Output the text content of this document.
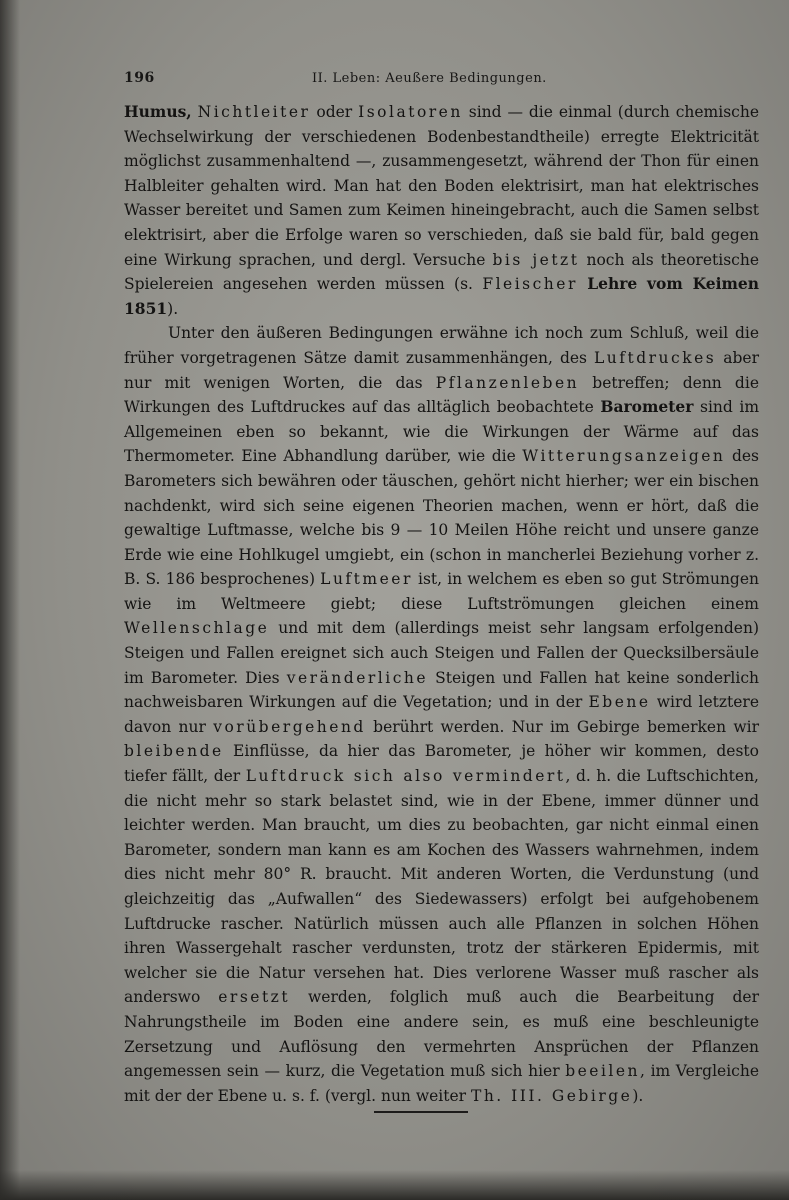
196	II. Leben: Aeußere Bedingungen.

Humus, Nichtleiter oder Isolatoren sind — die einmal (durch chemische Wechselwirkung der verschiedenen Bodenbestandtheile) erregte Elektricität möglichst zusammenhaltend —, zusammengesetzt, während der Thon für einen Halbleiter gehalten wird. Man hat den Boden elektrisirt, man hat elektrisches Wasser bereitet und Samen zum Keimen hineingebracht, auch die Samen selbst elektrisirt, aber die Erfolge waren so verschieden, daß sie bald für, bald gegen eine Wirkung sprachen, und dergl. Versuche bis jetzt noch als theoretische Spielereien angesehen werden müssen (s. Fleischer Lehre vom Keimen 1851).

Unter den äußeren Bedingungen erwähne ich noch zum Schluß, weil die früher vorgetragenen Sätze damit zusammenhängen, des Luftdruckes aber nur mit wenigen Worten, die das Pflanzenleben betreffen; denn die Wirkungen des Luftdruckes auf das alltäglich beobachtete Barometer sind im Allgemeinen eben so bekannt, wie die Wirkungen der Wärme auf das Thermometer. Eine Abhandlung darüber, wie die Witterungsanzeigen des Barometers sich bewähren oder täuschen, gehört nicht hierher; wer ein bischen nachdenkt, wird sich seine eigenen Theorien machen, wenn er hört, daß die gewaltige Luftmasse, welche bis 9 — 10 Meilen Höhe reicht und unsere ganze Erde wie eine Hohlkugel umgiebt, ein (schon in mancherlei Beziehung vorher z. B. S. 186 besprochenes) Luftmeer ist, in welchem es eben so gut Strömungen wie im Weltmeere giebt; diese Luftströmungen gleichen einem Wellenschlage und mit dem (allerdings meist sehr langsam erfolgenden) Steigen und Fallen ereignet sich auch Steigen und Fallen der Quecksilbersäule im Barometer. Dies veränderliche Steigen und Fallen hat keine sonderlich nachweisbaren Wirkungen auf die Vegetation; und in der Ebene wird letztere davon nur vorübergehend berührt werden. Nur im Gebirge bemerken wir bleibende Einflüsse, da hier das Barometer, je höher wir kommen, desto tiefer fällt, der Luftdruck sich also vermindert, d. h. die Luftschichten, die nicht mehr so stark belastet sind, wie in der Ebene, immer dünner und leichter werden. Man braucht, um dies zu beobachten, gar nicht einmal einen Barometer, sondern man kann es am Kochen des Wassers wahrnehmen, indem dies nicht mehr 80° R. braucht. Mit anderen Worten, die Verdunstung (und gleichzeitig das „Aufwallen“ des Siedewassers) erfolgt bei aufgehobenem Luftdrucke rascher. Natürlich müssen auch alle Pflanzen in solchen Höhen ihren Wassergehalt rascher verdunsten, trotz der stärkeren Epidermis, mit welcher sie die Natur versehen hat. Dies verlorene Wasser muß rascher als anderswo ersetzt werden, folglich muß auch die Bearbeitung der Nahrungstheile im Boden eine andere sein, es muß eine beschleunigte Zersetzung und Auflösung den vermehrten Ansprüchen der Pflanzen angemessen sein — kurz, die Vegetation muß sich hier beeilen, im Vergleiche mit der der Ebene u. s. f. (vergl. nun weiter Th. III. Gebirge).
